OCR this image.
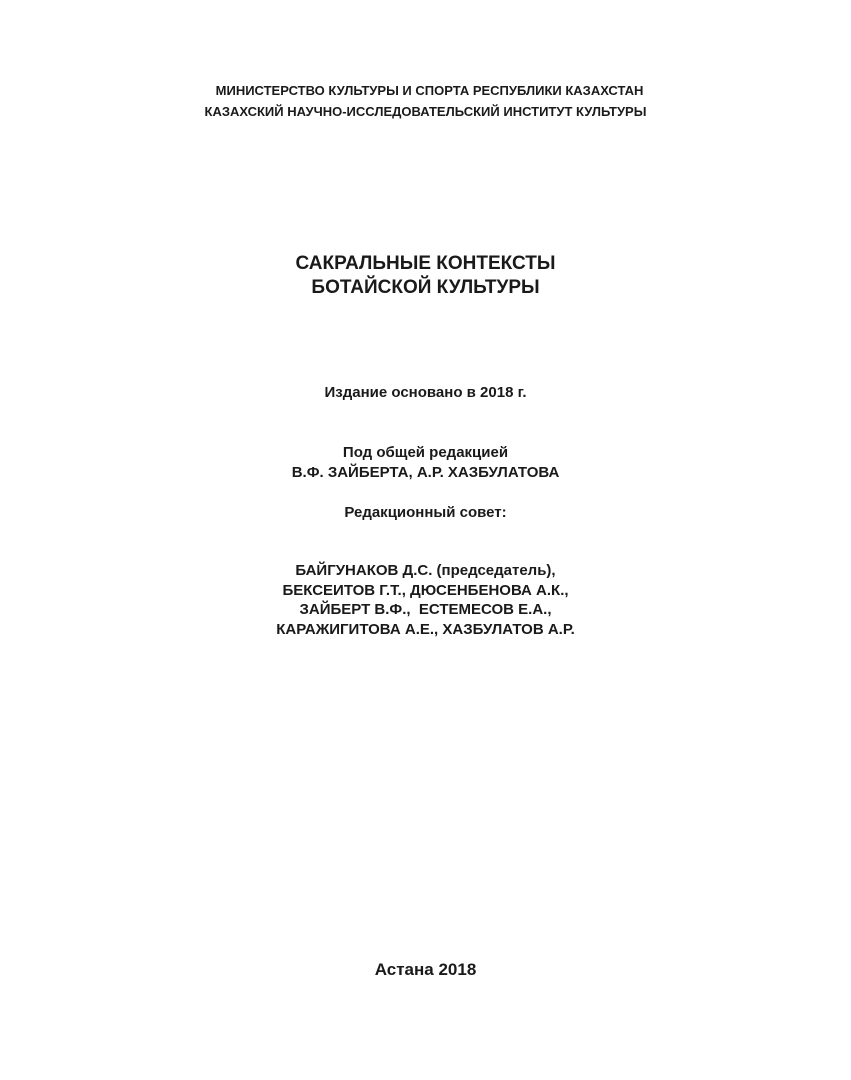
МИНИСТЕРСТВО КУЛЬТУРЫ И СПОРТА РЕСПУБЛИКИ КАЗАХСТАН
КАЗАХСКИЙ НАУЧНО-ИССЛЕДОВАТЕЛЬСКИЙ ИНСТИТУТ КУЛЬТУРЫ
САКРАЛЬНЫЕ КОНТЕКСТЫ
БОТАЙСКОЙ КУЛЬТУРЫ
Издание основано в 2018 г.
Под общей редакцией
В.Ф. ЗАЙБЕРТА, А.Р. ХАЗБУЛАТОВА
Редакционный совет:
БАЙГУНАКОВ Д.С. (председатель),
БЕКСЕИТОВ Г.Т., ДЮСЕНБЕНОВА А.К.,
ЗАЙБЕРТ В.Ф.,  ЕСТЕМЕСОВ Е.А.,
КАРАЖИГИТОВА А.Е., ХАЗБУЛАТОВ А.Р.
Астана 2018
